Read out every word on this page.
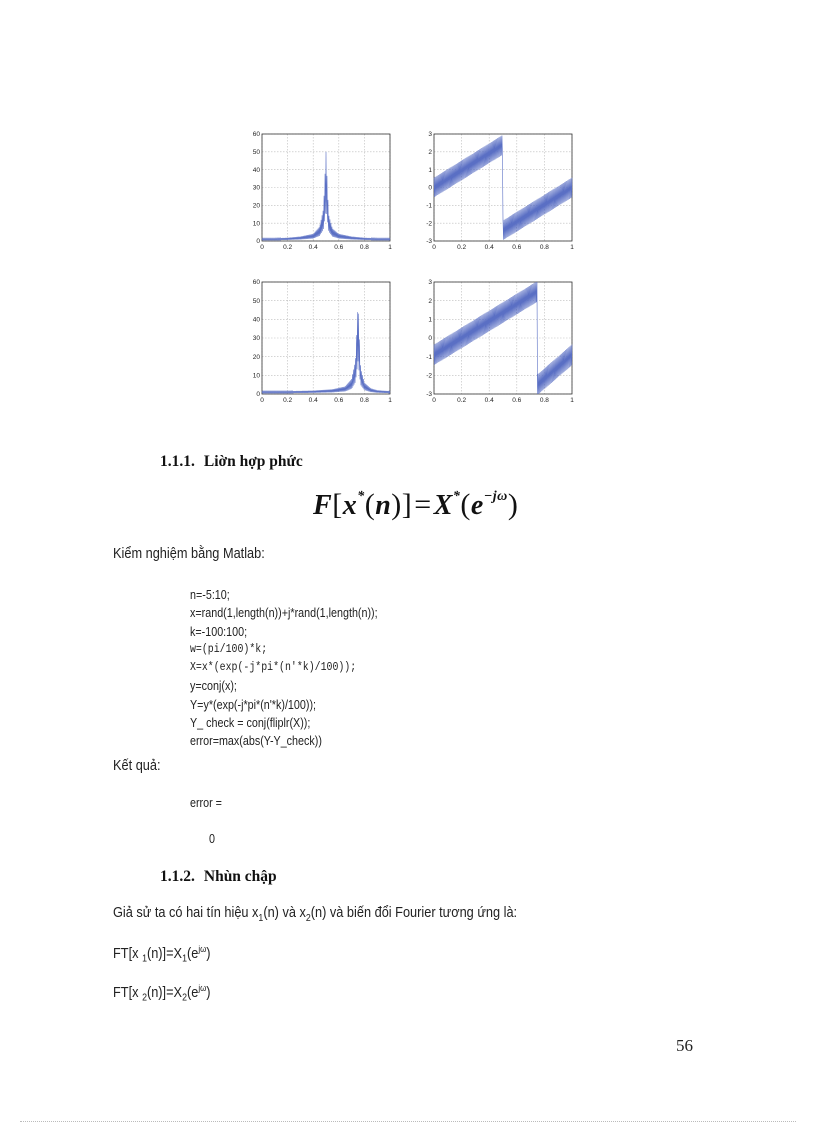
0	0.2	0.4	0.6	0.8	1
0
10
20
30
40
50
60
0	0.2	0.4	0.6	0.8	1
-3
-2
-1
0
1
2
3
0	0.2	0.4	0.6	0.8	1
0
10
20
30
40
50
60
0	0.2	0.4	0.6	0.8	1
-3
-2
-1
0
1
2
3

1.1.1. Liờn hợp phức

$F[x^*(n)]=X^*(e^{-j\omega})$

Kiểm nghiệm bằng Matlab:

n=-5:10;
x=rand(1,length(n))+j*rand(1,length(n));
k=-100:100;
w=(pi/100)*k;
X=x*(exp(-j*pi*(n'*k)/100));
y=conj(x);
Y=y*(exp(-j*pi*(n'*k)/100));
Y_ check = conj(fliplr(X));
error=max(abs(Y-Y_check))

Kết quả:

error =

0

1.1.2. Nhùn chập

Giả sử ta có hai tín hiệu $x_1(n)$ và $x_2(n)$ và biến đổi Fourier tương ứng là:

FT[x $_1(n)]=X_1(e^{j\omega})$

FT[x $_2(n)]=X_2(e^{j\omega})$

56
